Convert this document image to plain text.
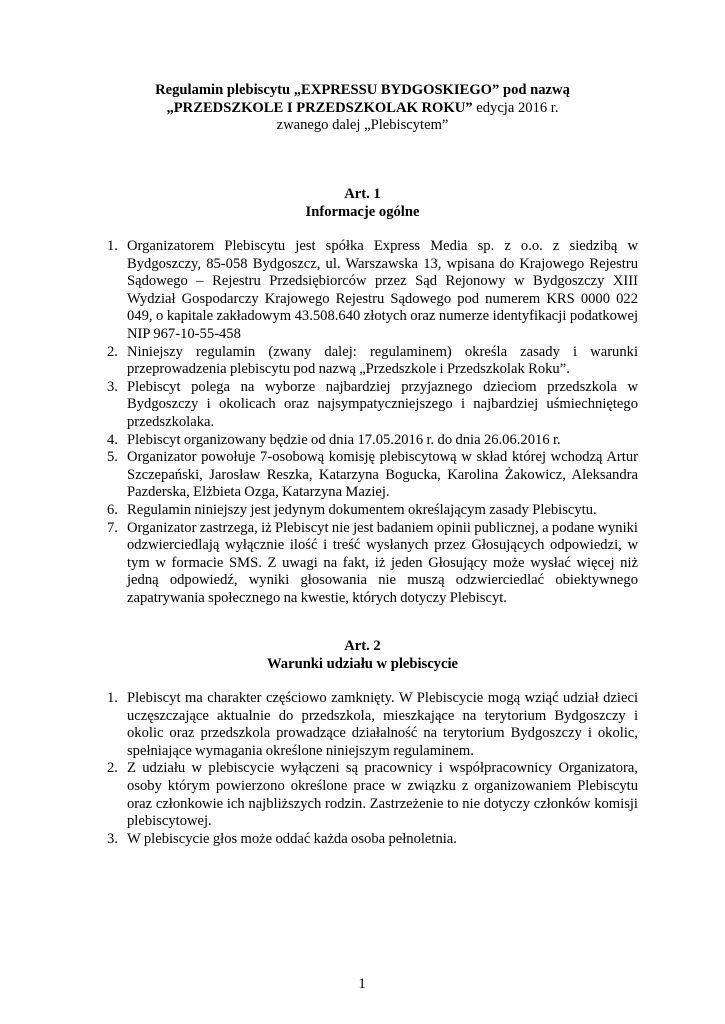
Regulamin plebiscytu „EXPRESSU BYDGOSKIEGO” pod nazwą
„PRZEDSZKOLE I PRZEDSZKOLAK ROKU” edycja 2016 r.
zwanego dalej „Plebiscytem”
Art. 1
Informacje ogólne
1. Organizatorem Plebiscytu jest spółka Express Media sp. z o.o. z siedzibą w Bydgoszczy, 85-058 Bydgoszcz, ul. Warszawska 13, wpisana do Krajowego Rejestru Sądowego – Rejestru Przedsiębiorców przez Sąd Rejonowy w Bydgoszczy XIII Wydział Gospodarczy Krajowego Rejestru Sądowego pod numerem KRS 0000 022 049, o kapitale zakładowym 43.508.640 złotych oraz numerze identyfikacji podatkowej NIP 967-10-55-458
2. Niniejszy regulamin (zwany dalej: regulaminem) określa zasady i warunki przeprowadzenia plebiscytu pod nazwą „Przedszkole i Przedszkolak Roku”.
3. Plebiscyt polega na wyborze najbardziej przyjaznego dzieciom przedszkola w Bydgoszczy i okolicach oraz najsympatyczniejszego i najbardziej uśmiechniętego przedszkolaka.
4. Plebiscyt organizowany będzie od dnia 17.05.2016 r. do dnia 26.06.2016 r.
5. Organizator powołuje 7-osobową komisję plebiscytową w skład której wchodzą Artur Szczepański, Jarosław Reszka, Katarzyna Bogucka, Karolina Żakowicz, Aleksandra Pazderska, Elżbieta Ozga, Katarzyna Maziej.
6. Regulamin niniejszy jest jedynym dokumentem określającym zasady Plebiscytu.
7. Organizator zastrzega, iż Plebiscyt nie jest badaniem opinii publicznej, a podane wyniki odzwierciedlają wyłącznie ilość i treść wysłanych przez Głosujących odpowiedzi, w tym w formacie SMS. Z uwagi na fakt, iż jeden Głosujący może wysłać więcej niż jedną odpowiedź, wyniki głosowania nie muszą odzwierciedlać obiektywnego zapatrywania społecznego na kwestie, których dotyczy Plebiscyt.
Art. 2
Warunki udziału w plebiscycie
1. Plebiscyt ma charakter częściowo zamknięty. W Plebiscycie mogą wziąć udział dzieci uczęszczające aktualnie do przedszkola, mieszkające na terytorium Bydgoszczy i okolic oraz przedszkola prowadzące działalność na terytorium Bydgoszczy i okolic, spełniające wymagania określone niniejszym regulaminem.
2. Z udziału w plebiscycie wyłączeni są pracownicy i współpracownicy Organizatora, osoby którym powierzono określone prace w związku z organizowaniem Plebiscytu oraz członkowie ich najbliższych rodzin. Zastrzeżenie to nie dotyczy członków komisji plebiscytowej.
3. W plebiscycie głos może oddać każda osoba pełnoletnia.
1
